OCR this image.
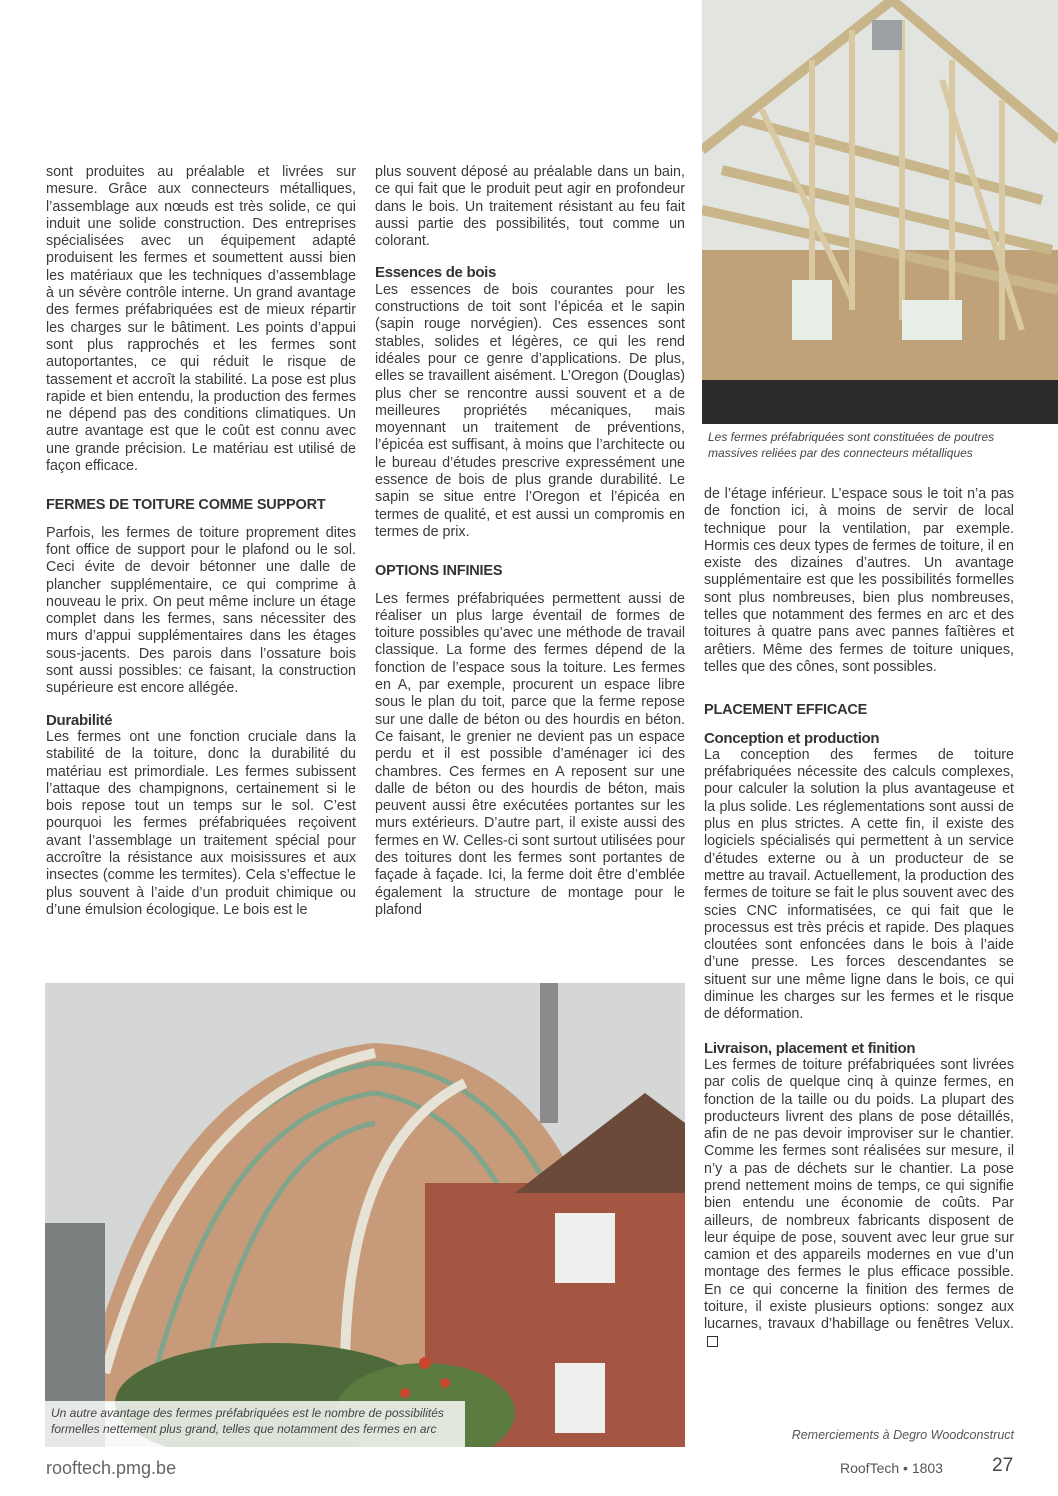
sont produites au préalable et livrées sur mesure. Grâce aux connecteurs métalliques, l’assemblage aux nœuds est très solide, ce qui induit une solide construction. Des entreprises spécialisées avec un équipement adapté produisent les fermes et soumettent aussi bien les matériaux que les techniques d’assemblage à un sévère contrôle interne. Un grand avantage des fermes préfabriquées est de mieux répartir les charges sur le bâtiment. Les points d’appui sont plus rapprochés et les fermes sont autoportantes, ce qui réduit le risque de tassement et accroît la stabilité. La pose est plus rapide et bien entendu, la production des fermes ne dépend pas des conditions climatiques. Un autre avantage est que le coût est connu avec une grande précision. Le matériau est utilisé de façon efficace.

FERMES DE TOITURE COMME SUPPORT

Parfois, les fermes de toiture proprement dites font office de support pour le plafond ou le sol. Ceci évite de devoir bétonner une dalle de plancher supplémentaire, ce qui comprime à nouveau le prix. On peut même inclure un étage complet dans les fermes, sans nécessiter des murs d’appui supplémentaires dans les étages sous-jacents. Des parois dans l’ossature bois sont aussi possibles: ce faisant, la construction supérieure est encore allégée.

Durabilité

Les fermes ont une fonction cruciale dans la stabilité de la toiture, donc la durabilité du matériau est primordiale. Les fermes subissent l’attaque des champignons, certainement si le bois repose tout un temps sur le sol. C’est pourquoi les fermes préfabriquées reçoivent avant l’assemblage un traitement spécial pour accroître la résistance aux moisissures et aux insectes (comme les termites). Cela s’effectue le plus souvent à l’aide d’un produit chimique ou d’une émulsion écologique. Le bois est le

plus souvent déposé au préalable dans un bain, ce qui fait que le produit peut agir en profondeur dans le bois. Un traitement résistant au feu fait aussi partie des possibilités, tout comme un colorant.

Essences de bois

Les essences de bois courantes pour les constructions de toit sont l’épicéa et le sapin (sapin rouge norvégien). Ces essences sont stables, solides et légères, ce qui les rend idéales pour ce genre d’applications. De plus, elles se travaillent aisément. L’Oregon (Douglas) plus cher se rencontre aussi souvent et a de meilleures propriétés mécaniques, mais moyennant un traitement de préventions, l’épicéa est suffisant, à moins que l’architecte ou le bureau d’études prescrive expressément une essence de bois de plus grande durabilité. Le sapin se situe entre l’Oregon et l’épicéa en termes de qualité, et est aussi un compromis en termes de prix.

OPTIONS INFINIES

Les fermes préfabriquées permettent aussi de réaliser un plus large éventail de formes de toiture possibles qu’avec une méthode de travail classique. La forme des fermes dépend de la fonction de l’espace sous la toiture. Les fermes en A, par exemple, procurent un espace libre sous le plan du toit, parce que la ferme repose sur une dalle de béton ou des hourdis en béton. Ce faisant, le grenier ne devient pas un espace perdu et il est possible d’aménager ici des chambres. Ces fermes en A reposent sur une dalle de béton ou des hourdis de béton, mais peuvent aussi être exécutées portantes sur les murs extérieurs. D’autre part, il existe aussi des fermes en W. Celles-ci sont surtout utilisées pour des toitures dont les fermes sont portantes de façade à façade. Ici, la ferme doit être d’emblée également la structure de montage pour le plafond

de l’étage inférieur. L’espace sous le toit n’a pas de fonction ici, à moins de servir de local technique pour la ventilation, par exemple. Hormis ces deux types de fermes de toiture, il en existe des dizaines d’autres. Un avantage supplémentaire est que les possibilités formelles sont plus nombreuses, bien plus nombreuses, telles que notamment des fermes en arc et des toitures à quatre pans avec pannes faîtières et arêtiers. Même des fermes de toiture uniques, telles que des cônes, sont possibles.

PLACEMENT EFFICACE
Conception et production

La conception des fermes de toiture préfabriquées nécessite des calculs complexes, pour calculer la solution la plus avantageuse et la plus solide. Les réglementations sont aussi de plus en plus strictes. A cette fin, il existe des logiciels spécialisés qui permettent à un service d’études externe ou à un producteur de se mettre au travail. Actuellement, la production des fermes de toiture se fait le plus souvent avec des scies CNC informatisées, ce qui fait que le processus est très précis et rapide. Des plaques cloutées sont enfoncées dans le bois à l’aide d’une presse. Les forces descendantes se situent sur une même ligne dans le bois, ce qui diminue les charges sur les fermes et le risque de déformation.

Livraison, placement et finition

Les fermes de toiture préfabriquées sont livrées par colis de quelque cinq à quinze fermes, en fonction de la taille ou du poids. La plupart des producteurs livrent des plans de pose détaillés, afin de ne pas devoir improviser sur le chantier. Comme les fermes sont réalisées sur mesure, il n’y a pas de déchets sur le chantier. La pose prend nettement moins de temps, ce qui signifie bien entendu une économie de coûts. Par ailleurs, de nombreux fabricants disposent de leur équipe de pose, souvent avec leur grue sur camion et des appareils modernes en vue d’un montage des fermes le plus efficace possible. En ce qui concerne la finition des fermes de toiture, il existe plusieurs options: songez aux lucarnes, travaux d’habillage ou fenêtres Velux.

Les fermes préfabriquées sont constituées de poutres massives reliées par des connecteurs métalliques
Un autre avantage des fermes préfabriquées est le nombre de possibilités formelles nettement plus grand, telles que notamment des fermes en arc	Remerciements à Degro Woodconstruct
rooftech.pmg.be	RoofTech • 1803	27
